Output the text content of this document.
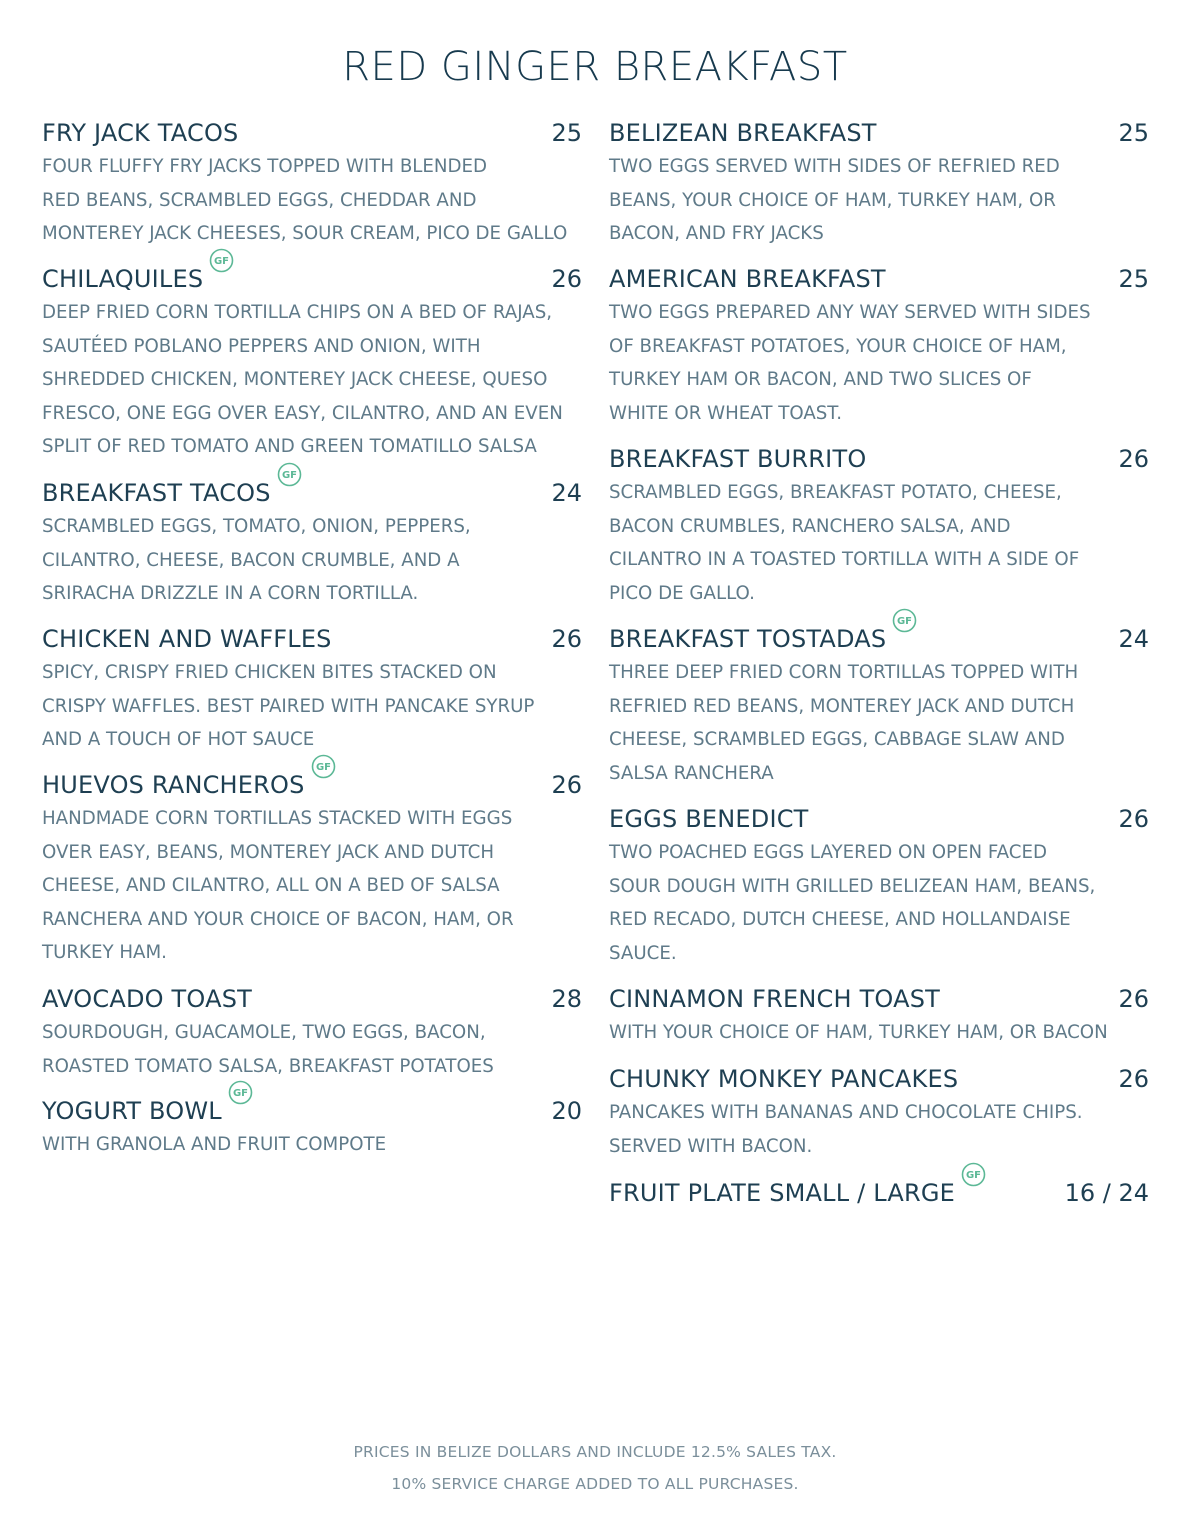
RED GINGER BREAKFAST
FRY JACK TACOS	25
FOUR FLUFFY FRY JACKS TOPPED WITH BLENDED
RED BEANS, SCRAMBLED EGGS, CHEDDAR AND
MONTEREY JACK CHEESES, SOUR CREAM, PICO DE GALLO
CHILAQUILES
GF
26
DEEP FRIED CORN TORTILLA CHIPS ON A BED OF RAJAS,
SAUTÉED POBLANO PEPPERS AND ONION, WITH
SHREDDED CHICKEN, MONTEREY JACK CHEESE, QUESO
FRESCO, ONE EGG OVER EASY, CILANTRO, AND AN EVEN
SPLIT OF RED TOMATO AND GREEN TOMATILLO SALSA
BREAKFAST TACOS
GF
24
SCRAMBLED EGGS, TOMATO, ONION, PEPPERS,
CILANTRO, CHEESE, BACON CRUMBLE, AND A
SRIRACHA DRIZZLE IN A CORN TORTILLA.
CHICKEN AND WAFFLES	26
SPICY, CRISPY FRIED CHICKEN BITES STACKED ON
CRISPY WAFFLES. BEST PAIRED WITH PANCAKE SYRUP
AND A TOUCH OF HOT SAUCE
HUEVOS RANCHEROS
GF
26
HANDMADE CORN TORTILLAS STACKED WITH EGGS
OVER EASY, BEANS, MONTEREY JACK AND DUTCH
CHEESE, AND CILANTRO, ALL ON A BED OF SALSA
RANCHERA AND YOUR CHOICE OF BACON, HAM, OR
TURKEY HAM.
AVOCADO TOAST	28
SOURDOUGH, GUACAMOLE, TWO EGGS, BACON,
ROASTED TOMATO SALSA, BREAKFAST POTATOES
YOGURT BOWL
GF
20
WITH GRANOLA AND FRUIT COMPOTE
BELIZEAN BREAKFAST	25
TWO EGGS SERVED WITH SIDES OF REFRIED RED
BEANS, YOUR CHOICE OF HAM, TURKEY HAM, OR
BACON, AND FRY JACKS
AMERICAN BREAKFAST	25
TWO EGGS PREPARED ANY WAY SERVED WITH SIDES
OF BREAKFAST POTATOES, YOUR CHOICE OF HAM,
TURKEY HAM OR BACON, AND TWO SLICES OF
WHITE OR WHEAT TOAST.
BREAKFAST BURRITO	26
SCRAMBLED EGGS, BREAKFAST POTATO, CHEESE,
BACON CRUMBLES, RANCHERO SALSA, AND
CILANTRO IN A TOASTED TORTILLA WITH A SIDE OF
PICO DE GALLO.
BREAKFAST TOSTADAS
GF
24
THREE DEEP FRIED CORN TORTILLAS TOPPED WITH
REFRIED RED BEANS, MONTEREY JACK AND DUTCH
CHEESE, SCRAMBLED EGGS, CABBAGE SLAW AND
SALSA RANCHERA
EGGS BENEDICT	26
TWO POACHED EGGS LAYERED ON OPEN FACED
SOUR DOUGH WITH GRILLED BELIZEAN HAM, BEANS,
RED RECADO, DUTCH CHEESE, AND HOLLANDAISE
SAUCE.
CINNAMON FRENCH TOAST	26
WITH YOUR CHOICE OF HAM, TURKEY HAM, OR BACON
CHUNKY MONKEY PANCAKES	26
PANCAKES WITH BANANAS AND CHOCOLATE CHIPS.
SERVED WITH BACON.
FRUIT PLATE SMALL / LARGE
GF
16 / 24
PRICES IN BELIZE DOLLARS AND INCLUDE 12.5% SALES TAX.
10% SERVICE CHARGE ADDED TO ALL PURCHASES.
